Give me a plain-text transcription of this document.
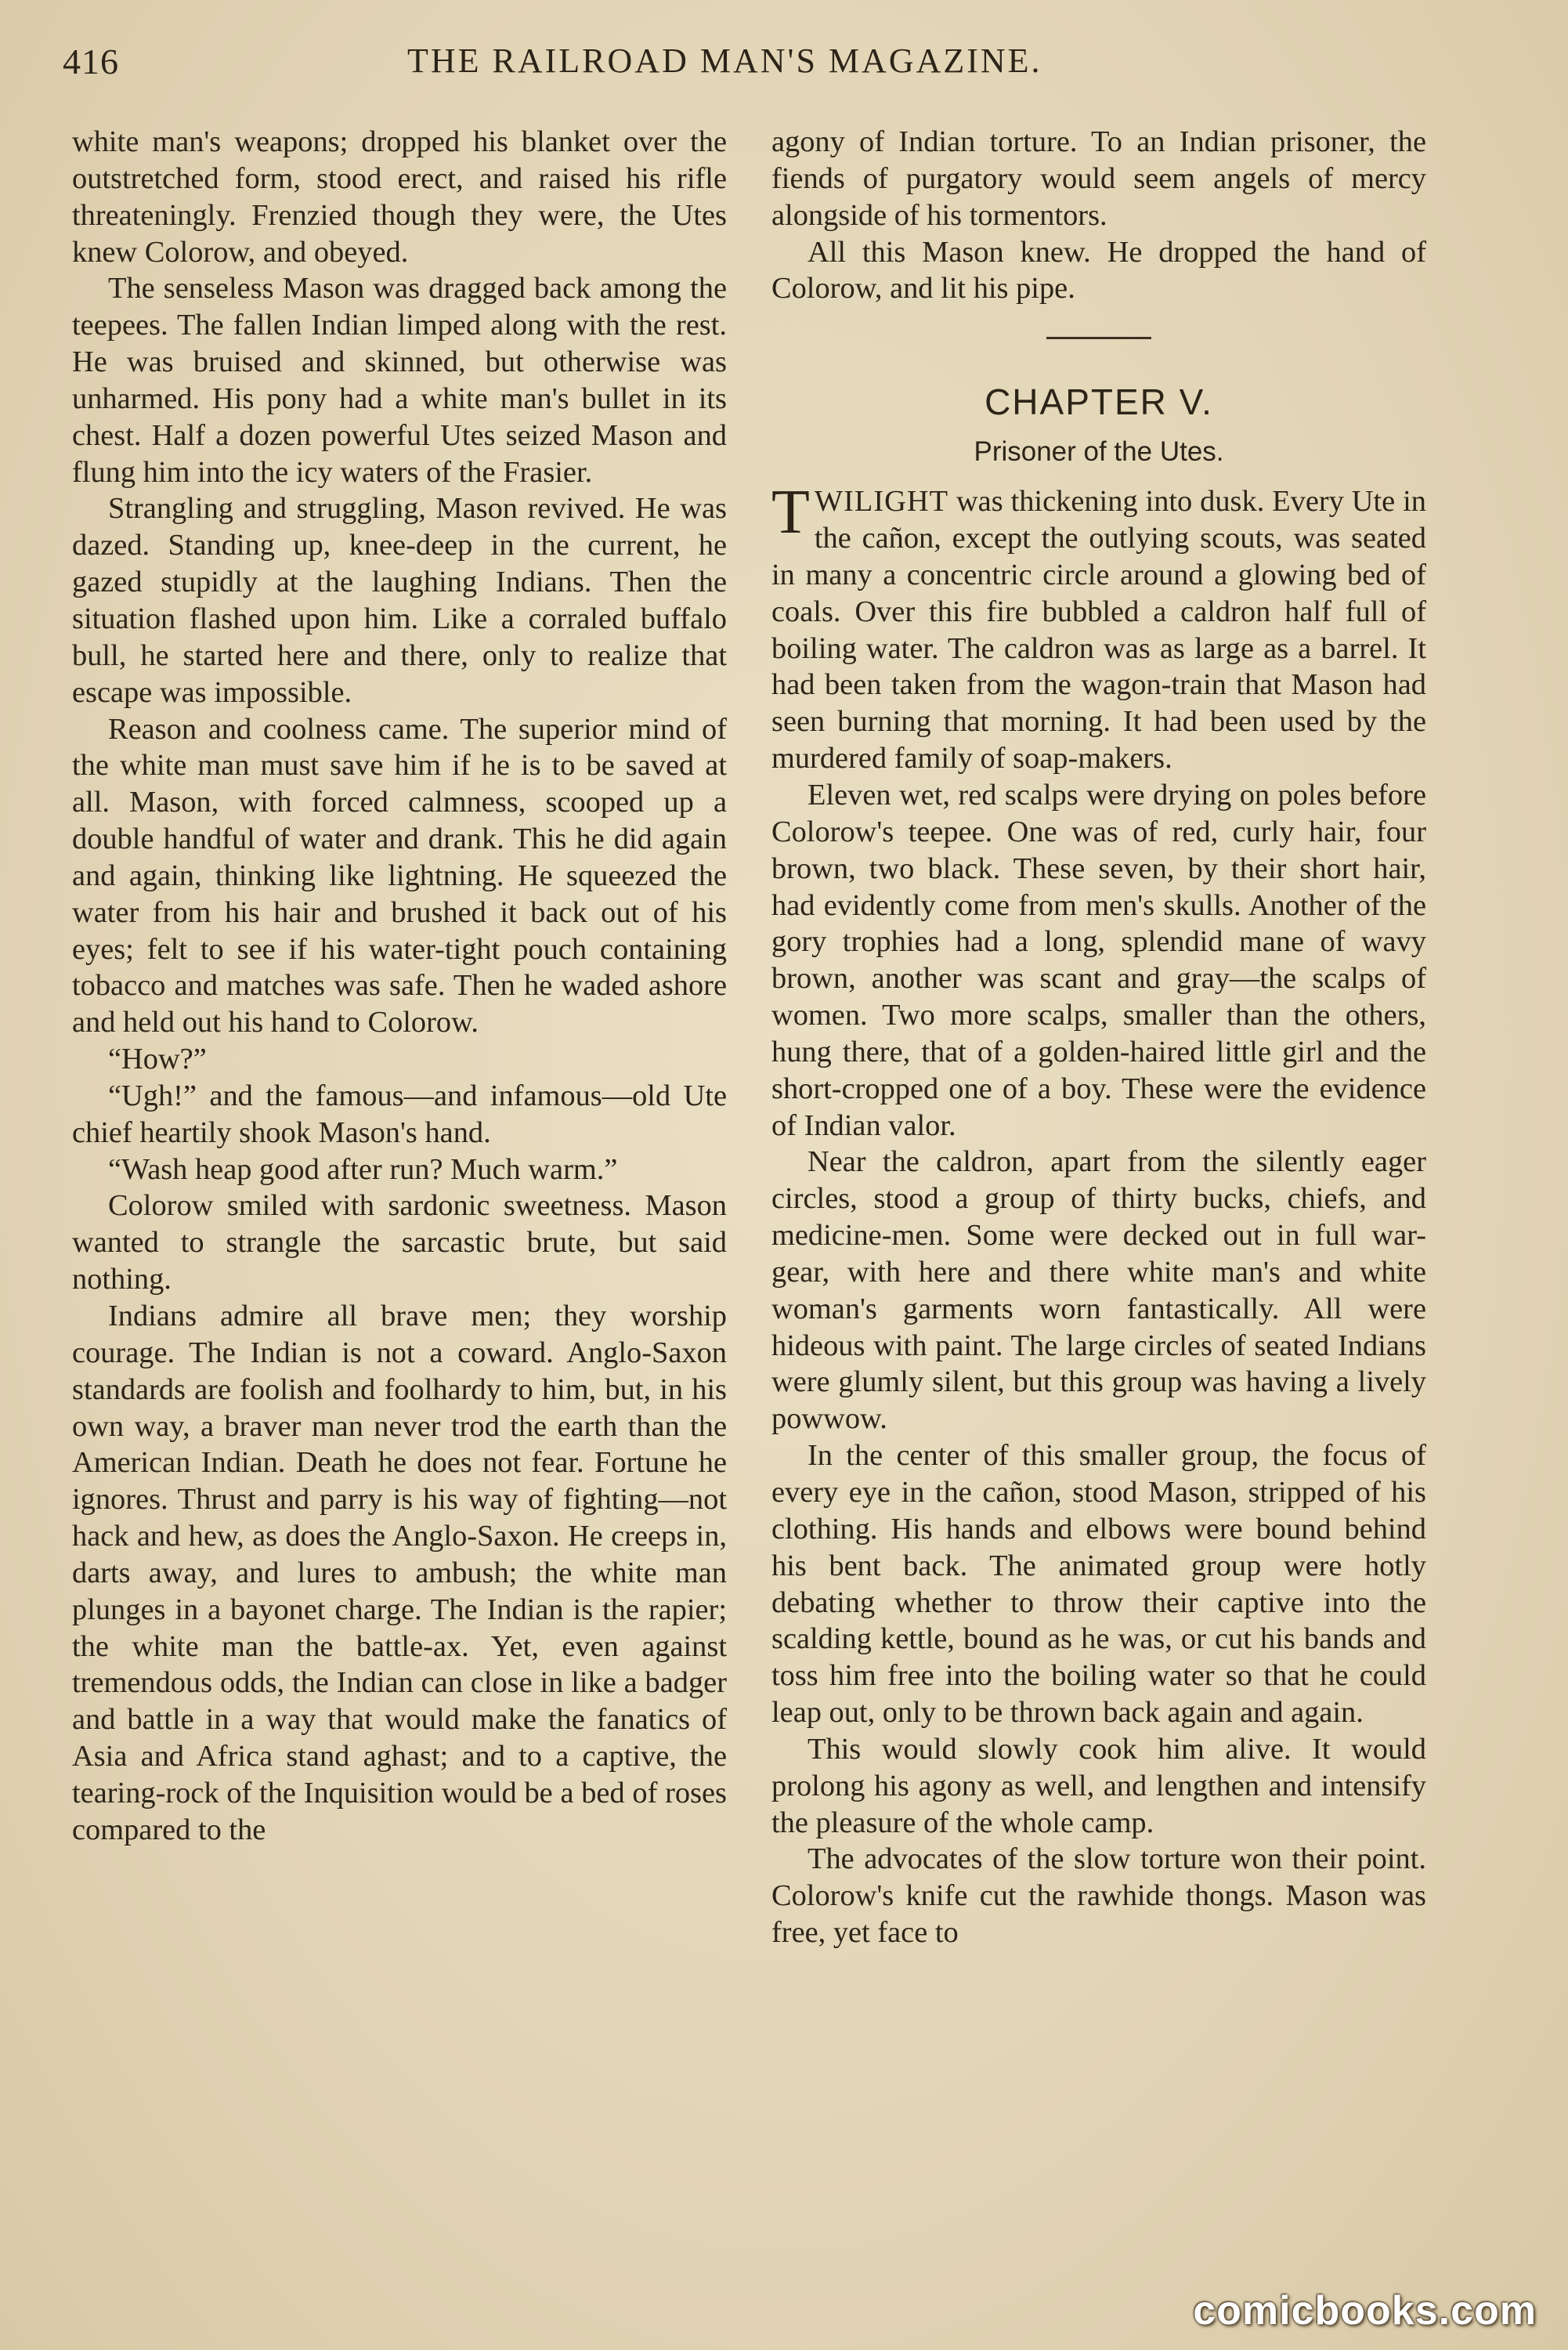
416	THE RAILROAD MAN'S MAGAZINE.

white man's weapons; dropped his blanket over the outstretched form, stood erect, and raised his rifle threateningly. Frenzied though they were, the Utes knew Colorow, and obeyed.

The senseless Mason was dragged back among the teepees. The fallen Indian limped along with the rest. He was bruised and skinned, but otherwise was unharmed. His pony had a white man's bullet in its chest. Half a dozen powerful Utes seized Mason and flung him into the icy waters of the Frasier.

Strangling and struggling, Mason revived. He was dazed. Standing up, knee-deep in the current, he gazed stupidly at the laughing Indians. Then the situation flashed upon him. Like a corraled buffalo bull, he started here and there, only to realize that escape was impossible.

Reason and coolness came. The superior mind of the white man must save him if he is to be saved at all. Mason, with forced calmness, scooped up a double handful of water and drank. This he did again and again, thinking like lightning. He squeezed the water from his hair and brushed it back out of his eyes; felt to see if his water-tight pouch containing tobacco and matches was safe. Then he waded ashore and held out his hand to Colorow.

“How?”

“Ugh!” and the famous—and infamous—old Ute chief heartily shook Mason's hand.

“Wash heap good after run? Much warm.”

Colorow smiled with sardonic sweetness. Mason wanted to strangle the sarcastic brute, but said nothing.

Indians admire all brave men; they worship courage. The Indian is not a coward. Anglo-Saxon standards are foolish and foolhardy to him, but, in his own way, a braver man never trod the earth than the American Indian. Death he does not fear. Fortune he ignores. Thrust and parry is his way of fighting—not hack and hew, as does the Anglo-Saxon. He creeps in, darts away, and lures to ambush; the white man plunges in a bayonet charge. The Indian is the rapier; the white man the battle-ax. Yet, even against tremendous odds, the Indian can close in like a badger and battle in a way that would make the fanatics of Asia and Africa stand aghast; and to a captive, the tearing-rock of the Inquisition would be a bed of roses compared to the

agony of Indian torture. To an Indian prisoner, the fiends of purgatory would seem angels of mercy alongside of his tormentors.

All this Mason knew. He dropped the hand of Colorow, and lit his pipe.

CHAPTER V.
Prisoner of the Utes.

TWILIGHT was thickening into dusk. Every Ute in the cañon, except the outlying scouts, was seated in many a concentric circle around a glowing bed of coals. Over this fire bubbled a caldron half full of boiling water. The caldron was as large as a barrel. It had been taken from the wagon-train that Mason had seen burning that morning. It had been used by the murdered family of soap-makers.

Eleven wet, red scalps were drying on poles before Colorow's teepee. One was of red, curly hair, four brown, two black. These seven, by their short hair, had evidently come from men's skulls. Another of the gory trophies had a long, splendid mane of wavy brown, another was scant and gray—the scalps of women. Two more scalps, smaller than the others, hung there, that of a golden-haired little girl and the short-cropped one of a boy. These were the evidence of Indian valor.

Near the caldron, apart from the silently eager circles, stood a group of thirty bucks, chiefs, and medicine-men. Some were decked out in full war-gear, with here and there white man's and white woman's garments worn fantastically. All were hideous with paint. The large circles of seated Indians were glumly silent, but this group was having a lively powwow.

In the center of this smaller group, the focus of every eye in the cañon, stood Mason, stripped of his clothing. His hands and elbows were bound behind his bent back. The animated group were hotly debating whether to throw their captive into the scalding kettle, bound as he was, or cut his bands and toss him free into the boiling water so that he could leap out, only to be thrown back again and again.

This would slowly cook him alive. It would prolong his agony as well, and lengthen and intensify the pleasure of the whole camp.

The advocates of the slow torture won their point. Colorow's knife cut the rawhide thongs. Mason was free, yet face to

comicbooks.com
